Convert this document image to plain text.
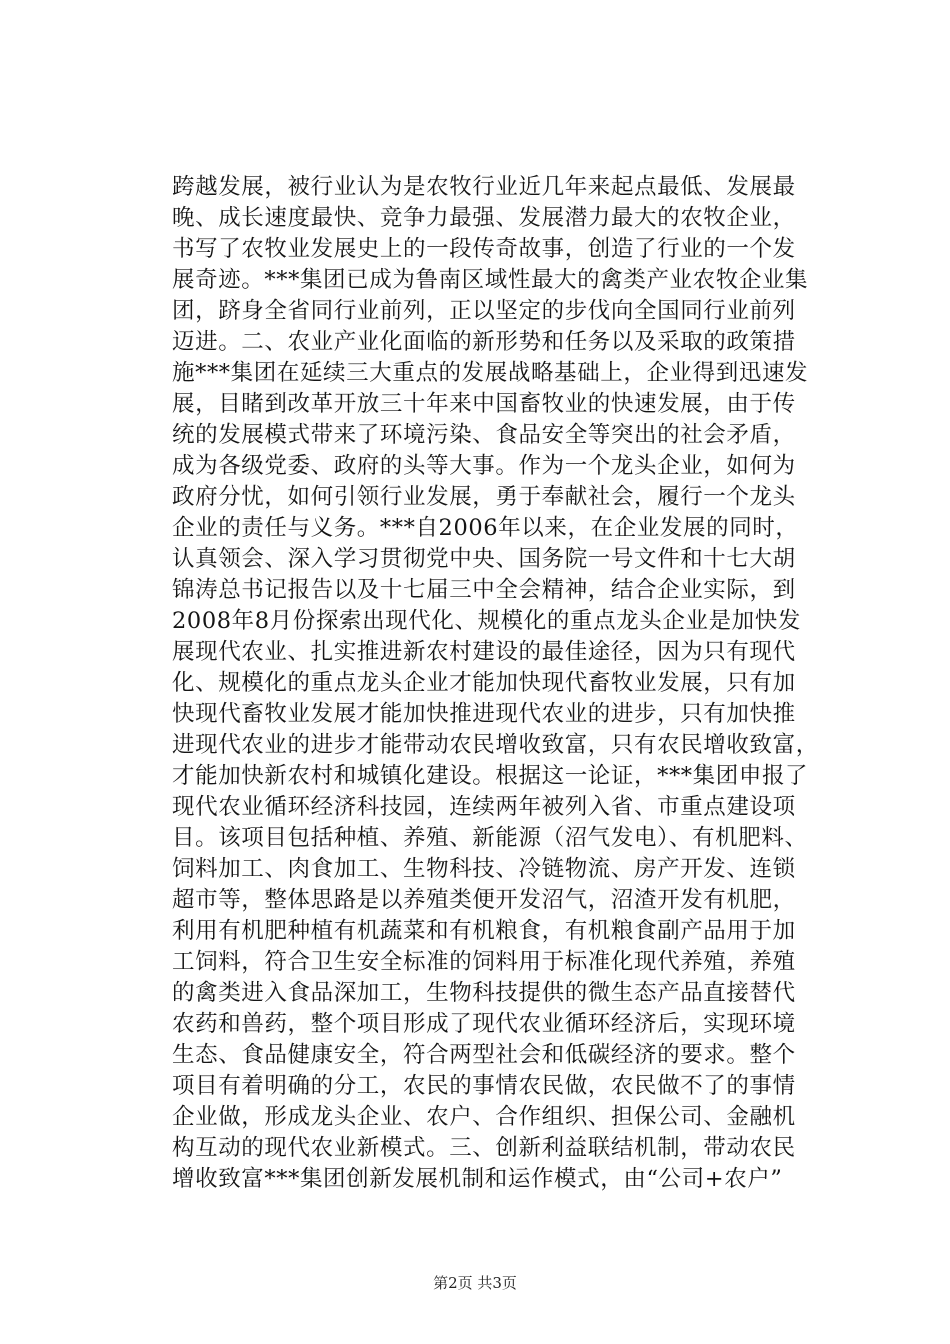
跨越发展，被行业认为是农牧行业近几年来起点最低、发展最
晚、成长速度最快、竞争力最强、发展潜力最大的农牧企业，
书写了农牧业发展史上的一段传奇故事，创造了行业的一个发
展奇迹。***集团已成为鲁南区域性最大的禽类产业农牧企业集
团，跻身全省同行业前列，正以坚定的步伐向全国同行业前列
迈进。二、农业产业化面临的新形势和任务以及采取的政策措
施***集团在延续三大重点的发展战略基础上，企业得到迅速发
展，目睹到改革开放三十年来中国畜牧业的快速发展，由于传
统的发展模式带来了环境污染、食品安全等突出的社会矛盾，
成为各级党委、政府的头等大事。作为一个龙头企业，如何为
政府分忧，如何引领行业发展，勇于奉献社会，履行一个龙头
企业的责任与义务。***自2006年以来，在企业发展的同时，
认真领会、深入学习贯彻党中央、国务院一号文件和十七大胡
锦涛总书记报告以及十七届三中全会精神，结合企业实际，到
2008年8月份探索出现代化、规模化的重点龙头企业是加快发
展现代农业、扎实推进新农村建设的最佳途径，因为只有现代
化、规模化的重点龙头企业才能加快现代畜牧业发展，只有加
快现代畜牧业发展才能加快推进现代农业的进步，只有加快推
进现代农业的进步才能带动农民增收致富，只有农民增收致富，
才能加快新农村和城镇化建设。根据这一论证，***集团申报了
现代农业循环经济科技园，连续两年被列入省、市重点建设项
目。该项目包括种植、养殖、新能源（沼气发电）、有机肥料、
饲料加工、肉食加工、生物科技、冷链物流、房产开发、连锁
超市等，整体思路是以养殖类便开发沼气，沼渣开发有机肥，
利用有机肥种植有机蔬菜和有机粮食，有机粮食副产品用于加
工饲料，符合卫生安全标准的饲料用于标准化现代养殖，养殖
的禽类进入食品深加工，生物科技提供的微生态产品直接替代
农药和兽药，整个项目形成了现代农业循环经济后，实现环境
生态、食品健康安全，符合两型社会和低碳经济的要求。整个
项目有着明确的分工，农民的事情农民做，农民做不了的事情
企业做，形成龙头企业、农户、合作组织、担保公司、金融机
构互动的现代农业新模式。三、创新利益联结机制，带动农民
增收致富***集团创新发展机制和运作模式，由“公司+农户”
第2页 共3页
